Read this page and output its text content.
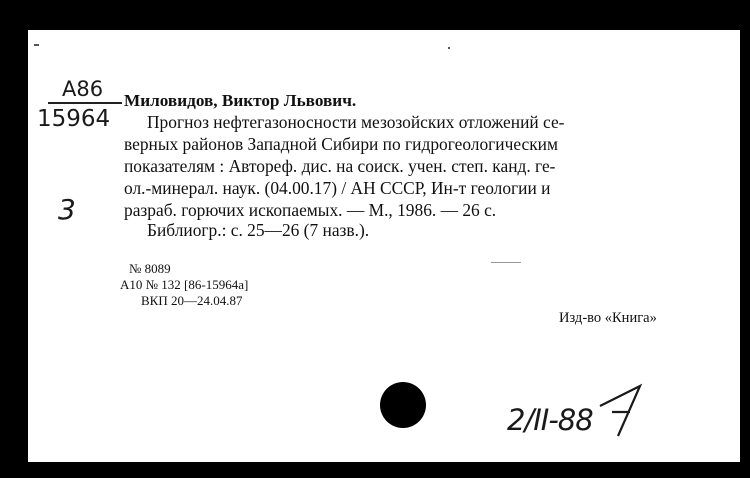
A86
15964
3
Миловидов, Виктор Львович.
Прогноз нефтегазоносности мезозойских отложений се-
верных районов Западной Сибири по гидрогеологическим
показателям : Автореф. дис. на соиск. учен. степ. канд. ге-
ол.-минерал. наук. (04.00.17) / АН СССР, Ин-т геологии и
разраб. горючих ископаемых. — М., 1986. — 26 с.
Библиогр.: с. 25—26 (7 назв.).
№ 8089
А10 № 132 [86-15964а]
ВКП 20—24.04.87
Изд-во «Книга»
2/II-88
